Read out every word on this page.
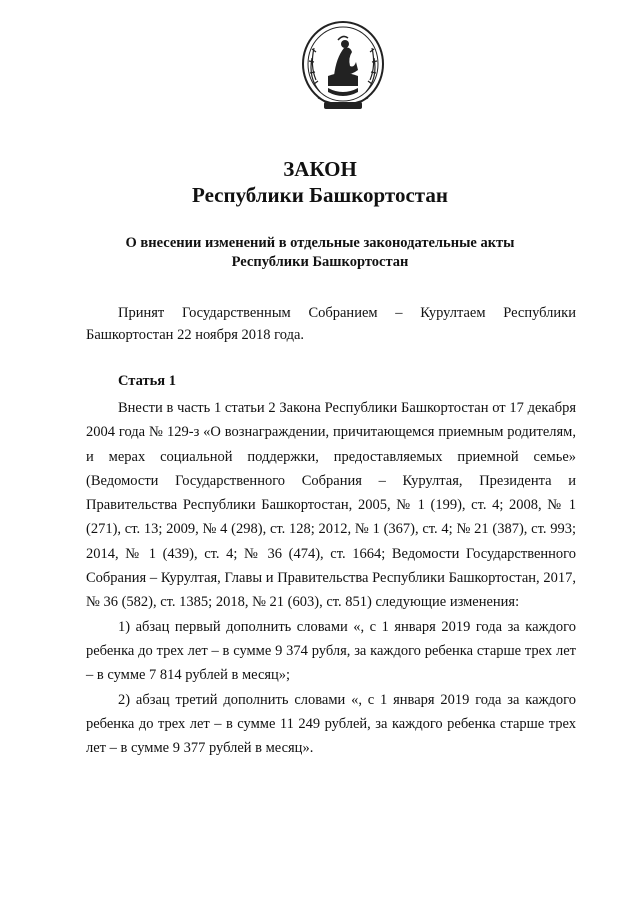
ЗАКОН
Республики Башкортостан
О внесении изменений в отдельные законодательные акты
Республики Башкортостан
Принят Государственным Собранием – Курултаем Республики Башкортостан 22 ноября 2018 года.
Статья 1

Внести в часть 1 статьи 2 Закона Республики Башкортостан от 17 декабря 2004 года № 129-з «О вознаграждении, причитающемся приемным родителям, и мерах социальной поддержки, предоставляемых приемной семье» (Ведомости Государственного Собрания – Курултая, Президента и Правительства Республики Башкортостан, 2005, № 1 (199), ст. 4; 2008, № 1 (271), ст. 13; 2009, № 4 (298), ст. 128; 2012, № 1 (367), ст. 4; № 21 (387), ст. 993; 2014, № 1 (439), ст. 4; № 36 (474), ст. 1664; Ведомости Государственного Собрания – Курултая, Главы и Правительства Республики Башкортостан, 2017, № 36 (582), ст. 1385; 2018, № 21 (603), ст. 851) следующие изменения:

1) абзац первый дополнить словами «, с 1 января 2019 года за каждого ребенка до трех лет – в сумме 9 374 рубля, за каждого ребенка старше трех лет – в сумме 7 814 рублей в месяц»;

2) абзац третий дополнить словами «, с 1 января 2019 года за каждого ребенка до трех лет – в сумме 11 249 рублей, за каждого ребенка старше трех лет – в сумме 9 377 рублей в месяц».
